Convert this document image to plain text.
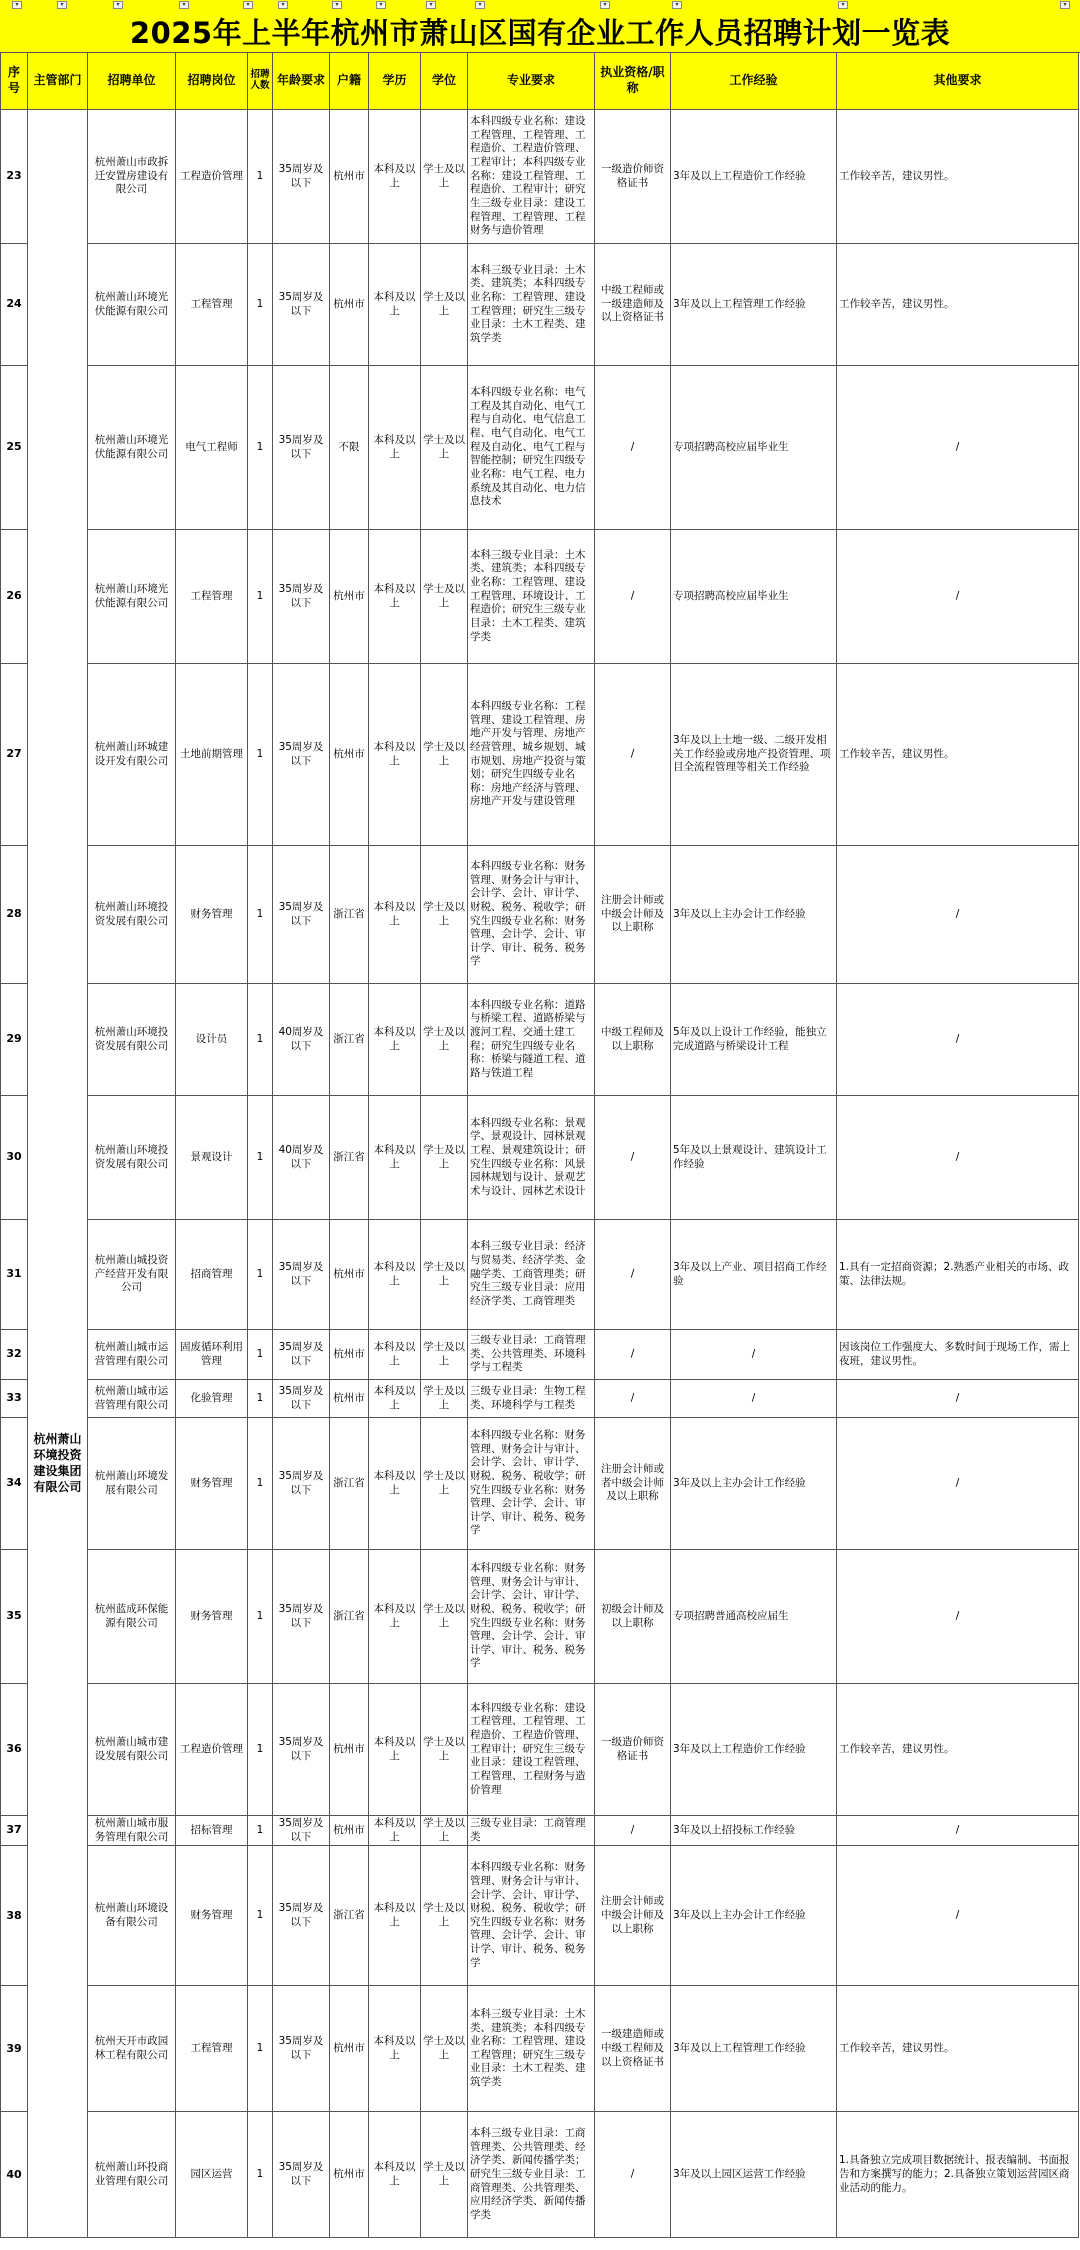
▾	▾	▾	▾	▾	▾	▾	▾	▾	▾	▾	▾	▾	▾
2025年上半年杭州市萧山区国有企业工作人员招聘计划一览表
序号	主管部门	招聘单位	招聘岗位	招聘人数	年龄要求	户籍	学历	学位	专业要求	执业资格/职称	工作经验	其他要求
23	杭州萧山环境投资建设集团有限公司	杭州萧山市政拆迁安置房建设有限公司	工程造价管理	1	35周岁及以下	杭州市	本科及以上	学士及以上	本科四级专业名称：建设工程管理、工程管理、工程造价、工程造价管理、工程审计；本科四级专业名称：建设工程管理、工程造价、工程审计；研究生三级专业目录：建设工程管理、工程管理、工程财务与造价管理	一级造价师资格证书	3年及以上工程造价工作经验	工作较辛苦，建议男性。
24		杭州萧山环境光伏能源有限公司	工程管理	1	35周岁及以下	杭州市	本科及以上	学士及以上	本科三级专业目录：土木类、建筑类；本科四级专业名称：工程管理、建设工程管理；研究生三级专业目录：土木工程类、建筑学类	中级工程师或一级建造师及以上资格证书	3年及以上工程管理工作经验	工作较辛苦，建议男性。
25		杭州萧山环境光伏能源有限公司	电气工程师	1	35周岁及以下	不限	本科及以上	学士及以上	本科四级专业名称：电气工程及其自动化、电气工程与自动化、电气信息工程、电气自动化、电气工程及自动化、电气工程与智能控制；研究生四级专业名称：电气工程、电力系统及其自动化、电力信息技术	/	专项招聘高校应届毕业生	/
26		杭州萧山环境光伏能源有限公司	工程管理	1	35周岁及以下	杭州市	本科及以上	学士及以上	本科三级专业目录：土木类、建筑类；本科四级专业名称：工程管理、建设工程管理、环境设计、工程造价；研究生三级专业目录：土木工程类、建筑学类	/	专项招聘高校应届毕业生	/
27		杭州萧山环城建设开发有限公司	土地前期管理	1	35周岁及以下	杭州市	本科及以上	学士及以上	本科四级专业名称：工程管理、建设工程管理、房地产开发与管理、房地产经营管理、城乡规划、城市规划、房地产投资与策划；研究生四级专业名称：房地产经济与管理、房地产开发与建设管理	/	3年及以上土地一级、二级开发相关工作经验或房地产投资管理、项目全流程管理等相关工作经验	工作较辛苦，建议男性。
28		杭州萧山环境投资发展有限公司	财务管理	1	35周岁及以下	浙江省	本科及以上	学士及以上	本科四级专业名称：财务管理、财务会计与审计、会计学、会计、审计学、财税、税务、税收学；研究生四级专业名称：财务管理、会计学、会计、审计学、审计、税务、税务学	注册会计师或中级会计师及以上职称	3年及以上主办会计工作经验	/
29		杭州萧山环境投资发展有限公司	设计员	1	40周岁及以下	浙江省	本科及以上	学士及以上	本科四级专业名称：道路与桥梁工程、道路桥梁与渡河工程、交通土建工程；研究生四级专业名称：桥梁与隧道工程、道路与铁道工程	中级工程师及以上职称	5年及以上设计工作经验，能独立完成道路与桥梁设计工程	/
30		杭州萧山环境投资发展有限公司	景观设计	1	40周岁及以下	浙江省	本科及以上	学士及以上	本科四级专业名称：景观学、景观设计、园林景观工程、景观建筑设计；研究生四级专业名称：风景园林规划与设计、景观艺术与设计、园林艺术设计	/	5年及以上景观设计、建筑设计工作经验	/
31		杭州萧山城投资产经营开发有限公司	招商管理	1	35周岁及以下	杭州市	本科及以上	学士及以上	本科三级专业目录：经济与贸易类、经济学类、金融学类、工商管理类；研究生三级专业目录：应用经济学类、工商管理类	/	3年及以上产业、项目招商工作经验	1.具有一定招商资源；2.熟悉产业相关的市场、政策、法律法规。
32		杭州萧山城市运营管理有限公司	固废循环利用管理	1	35周岁及以下	杭州市	本科及以上	学士及以上	三级专业目录：工商管理类、公共管理类、环境科学与工程类	/	/	因该岗位工作强度大、多数时间于现场工作，需上夜班，建议男性。
33		杭州萧山城市运营管理有限公司	化验管理	1	35周岁及以下	杭州市	本科及以上	学士及以上	三级专业目录：生物工程类、环境科学与工程类	/	/	/
34		杭州萧山环境发展有限公司	财务管理	1	35周岁及以下	浙江省	本科及以上	学士及以上	本科四级专业名称：财务管理、财务会计与审计、会计学、会计、审计学、财税、税务、税收学；研究生四级专业名称：财务管理、会计学、会计、审计学、审计、税务、税务学	注册会计师或者中级会计师及以上职称	3年及以上主办会计工作经验	/
35		杭州蓝成环保能源有限公司	财务管理	1	35周岁及以下	浙江省	本科及以上	学士及以上	本科四级专业名称：财务管理、财务会计与审计、会计学、会计、审计学、财税、税务、税收学；研究生四级专业名称：财务管理、会计学、会计、审计学、审计、税务、税务学	初级会计师及以上职称	专项招聘普通高校应届生	/
36		杭州萧山城市建设发展有限公司	工程造价管理	1	35周岁及以下	杭州市	本科及以上	学士及以上	本科四级专业名称：建设工程管理、工程管理、工程造价、工程造价管理、工程审计；研究生三级专业目录：建设工程管理、工程管理、工程财务与造价管理	一级造价师资格证书	3年及以上工程造价工作经验	工作较辛苦，建议男性。
37		杭州萧山城市服务管理有限公司	招标管理	1	35周岁及以下	杭州市	本科及以上	学士及以上	三级专业目录：工商管理类	/	3年及以上招投标工作经验	/
38		杭州萧山环境设备有限公司	财务管理	1	35周岁及以下	浙江省	本科及以上	学士及以上	本科四级专业名称：财务管理、财务会计与审计、会计学、会计、审计学、财税、税务、税收学；研究生四级专业名称：财务管理、会计学、会计、审计学、审计、税务、税务学	注册会计师或中级会计师及以上职称	3年及以上主办会计工作经验	/
39		杭州天开市政园林工程有限公司	工程管理	1	35周岁及以下	杭州市	本科及以上	学士及以上	本科三级专业目录：土木类、建筑类；本科四级专业名称：工程管理、建设工程管理；研究生三级专业目录：土木工程类、建筑学类	一级建造师或中级工程师及以上资格证书	3年及以上工程管理工作经验	工作较辛苦，建议男性。
40		杭州萧山环投商业管理有限公司	园区运营	1	35周岁及以下	杭州市	本科及以上	学士及以上	本科三级专业目录：工商管理类、公共管理类、经济学类、新闻传播学类；研究生三级专业目录：工商管理类、公共管理类、应用经济学类、新闻传播学类	/	3年及以上园区运营工作经验	1.具备独立完成项目数据统计、报表编制、书面报告和方案撰写的能力；2.具备独立策划运营园区商业活动的能力。
